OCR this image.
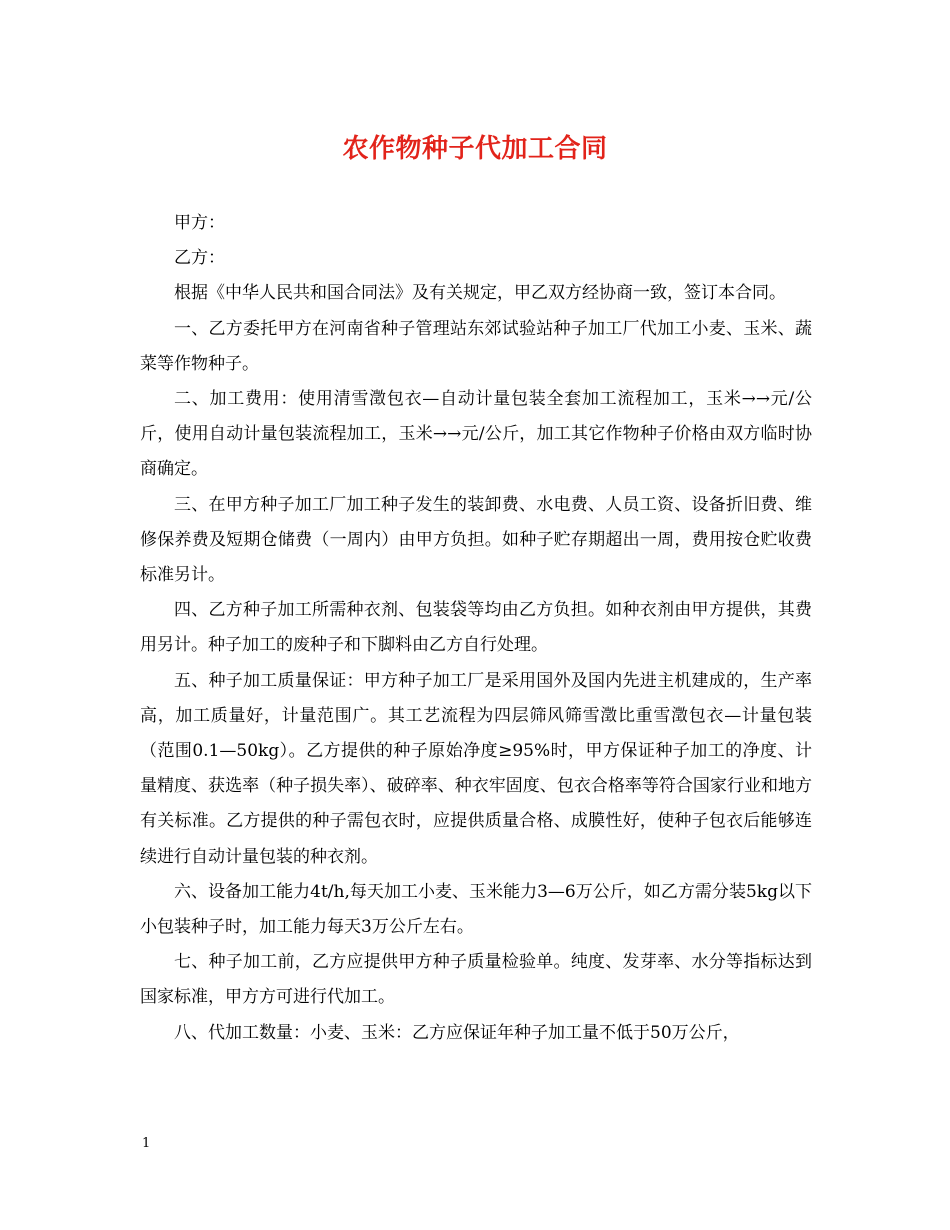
农作物种子代加工合同

甲方：

乙方：

根据《中华人民共和国合同法》及有关规定，甲乙双方经协商一致，签订本合同。

一、乙方委托甲方在河南省种子管理站东郊试验站种子加工厂代加工小麦、玉米、蔬菜等作物种子。

二、加工费用：使用清雪澂包衣—自动计量包装全套加工流程加工，玉米→→元/公斤，使用自动计量包装流程加工，玉米→→元/公斤，加工其它作物种子价格由双方临时协商确定。

三、在甲方种子加工厂加工种子发生的装卸费、水电费、人员工资、设备折旧费、维修保养费及短期仓储费（一周内）由甲方负担。如种子贮存期超出一周，费用按仓贮收费标准另计。

四、乙方种子加工所需种衣剂、包装袋等均由乙方负担。如种衣剂由甲方提供，其费用另计。种子加工的废种子和下脚料由乙方自行处理。

五、种子加工质量保证：甲方种子加工厂是采用国外及国内先进主机建成的，生产率高，加工质量好，计量范围广。其工艺流程为四层筛风筛雪澂比重雪澂包衣—计量包装（范围0.1—50kg）。乙方提供的种子原始净度≥95%时，甲方保证种子加工的净度、计量精度、获选率（种子损失率）、破碎率、种衣牢固度、包衣合格率等符合国家行业和地方有关标准。乙方提供的种子需包衣时，应提供质量合格、成膜性好，使种子包衣后能够连续进行自动计量包装的种衣剂。

六、设备加工能力4t/h,每天加工小麦、玉米能力3—6万公斤，如乙方需分装5kg以下小包装种子时，加工能力每天3万公斤左右。

七、种子加工前，乙方应提供甲方种子质量检验单。纯度、发芽率、水分等指标达到国家标准，甲方方可进行代加工。

八、代加工数量：小麦、玉米：乙方应保证年种子加工量不低于50万公斤，

1
